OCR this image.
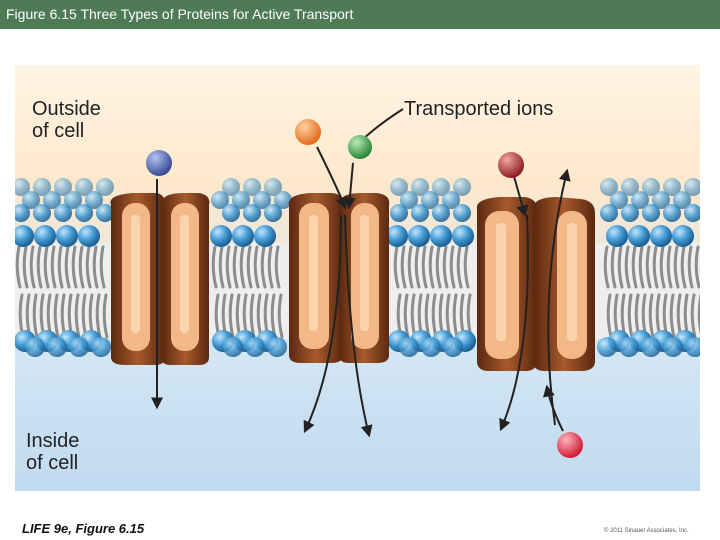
Figure 6.15 Three Types of Proteins for Active Transport
Outside
of cell
Inside
of cell
Transported ions
LIFE 9e, Figure 6.15	© 2011 Sinauer Associates, Inc.
